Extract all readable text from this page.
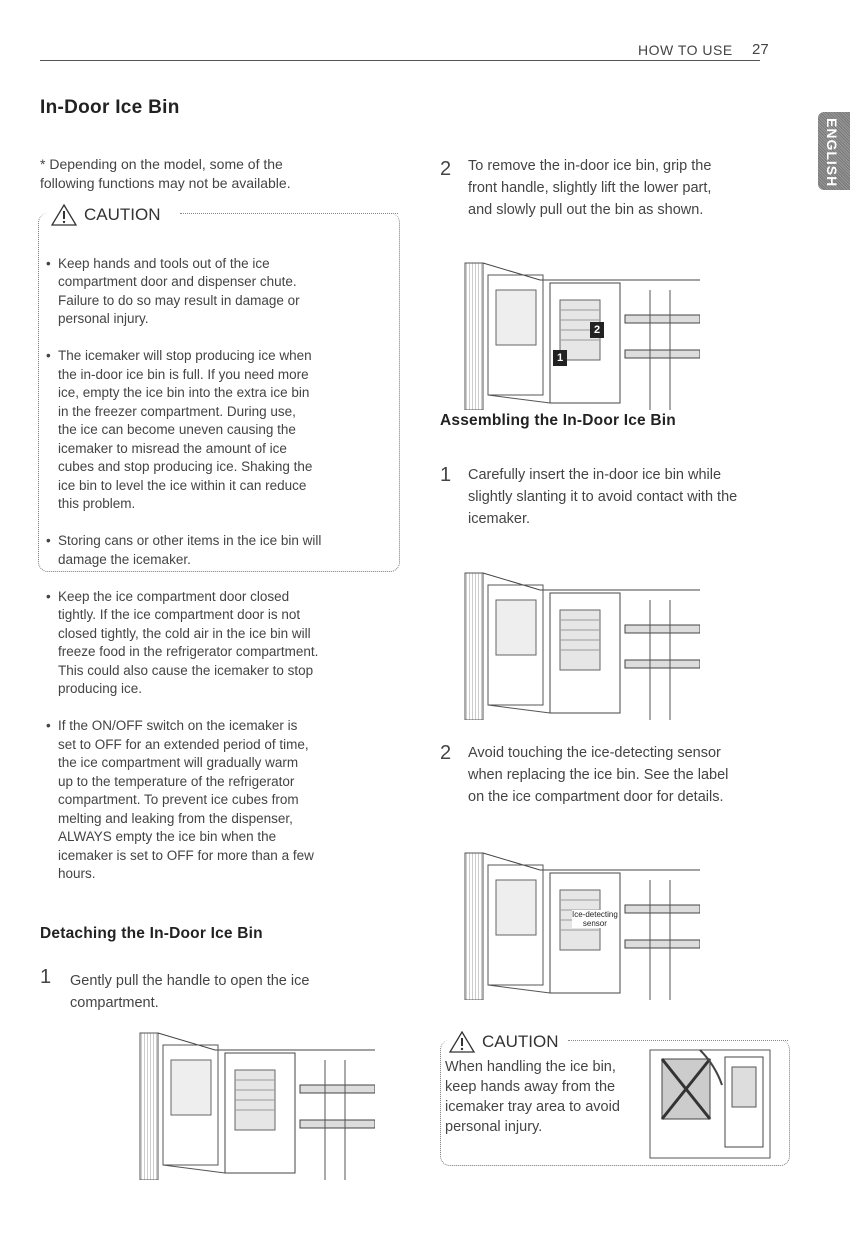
HOW TO USE 27
ENGLISH
In-Door Ice Bin
* Depending on the model, some of the
following functions may not be available.
CAUTION

• Keep hands and tools out of the ice
compartment door and dispenser chute.
Failure to do so may result in damage or
personal injury.

• The icemaker will stop producing ice when
the in-door ice bin is full. If you need more
ice, empty the ice bin into the extra ice bin
in the freezer compartment. During use,
the ice can become uneven causing the
icemaker to misread the amount of ice
cubes and stop producing ice. Shaking the
ice bin to level the ice within it can reduce
this problem.

• Storing cans or other items in the ice bin will
damage the icemaker.

• Keep the ice compartment door closed
tightly. If the ice compartment door is not
closed tightly, the cold air in the ice bin will
freeze food in the refrigerator compartment.
This could also cause the icemaker to stop
producing ice.

• If the ON/OFF switch on the icemaker is
set to OFF for an extended period of time,
the ice compartment will gradually warm
up to the temperature of the refrigerator
compartment. To prevent ice cubes from
melting and leaking from the dispenser,
ALWAYS empty the ice bin when the
icemaker is set to OFF for more than a few
hours.

Detaching the In-Door Ice Bin
1 Gently pull the handle to open the ice
compartment.
2 To remove the in-door ice bin, grip the
front handle, slightly lift the lower part,
and slowly pull out the bin as shown.
Assembling the In-Door Ice Bin
1 Carefully insert the in-door ice bin while
slightly slanting it to avoid contact with the
icemaker.
2 Avoid touching the ice-detecting sensor
when replacing the ice bin. See the label
on the ice compartment door for details.
2
1
Ice-detecting
sensor
CAUTION
When handling the ice bin,
keep hands away from the
icemaker tray area to avoid
personal injury.
